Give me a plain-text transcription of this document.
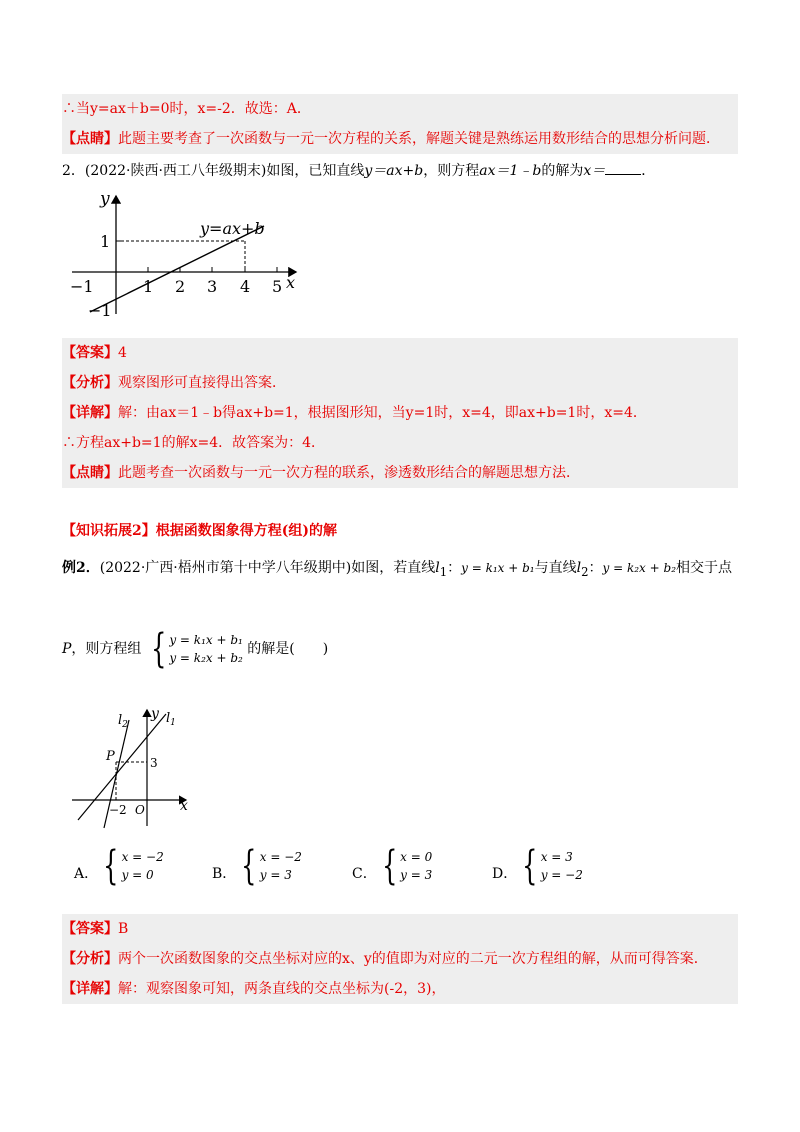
∴当y=ax＋b=0时，x=-2．故选：A．
【点睛】此题主要考查了一次函数与一元一次方程的关系，解题关键是熟练运用数形结合的思想分析问题．
2．(2022·陕西·西工八年级期末)如图，已知直线y＝ax+b，则方程ax＝1﹣b的解为x＝	．
y
y=ax+b
1
−1	1 2 3 4 5 x
−1
【答案】4
【分析】观察图形可直接得出答案．
【详解】解：由ax＝1﹣b得ax+b=1，根据图形知，当y=1时，x=4，即ax+b=1时，x=4．
∴方程ax+b=1的解x=4．故答案为：4．
【点睛】此题考查一次函数与一元一次方程的联系，渗透数形结合的解题思想方法．
【知识拓展2】根据函数图象得方程(组)的解
例2．(2022·广西·梧州市第十中学八年级期中)如图，若直线$l_1$：y = k₁x + b₁与直线$l_2$：y = k₂x + b₂相交于点
P，则方程组 { y = k₁x + b₁
y = k₂x + b₂
的解是(　　)
$l_2$
y $l_1$
P	3
−2 O	x
A． { x = −2
y = 0	B． { x = −2
y = 3	C． { x = 0
y = 3	D． { x = 3
y = −2
【答案】B
【分析】两个一次函数图象的交点坐标对应的x、y的值即为对应的二元一次方程组的解，从而可得答案．
【详解】解：观察图象可知，两条直线的交点坐标为(-2，3)，
